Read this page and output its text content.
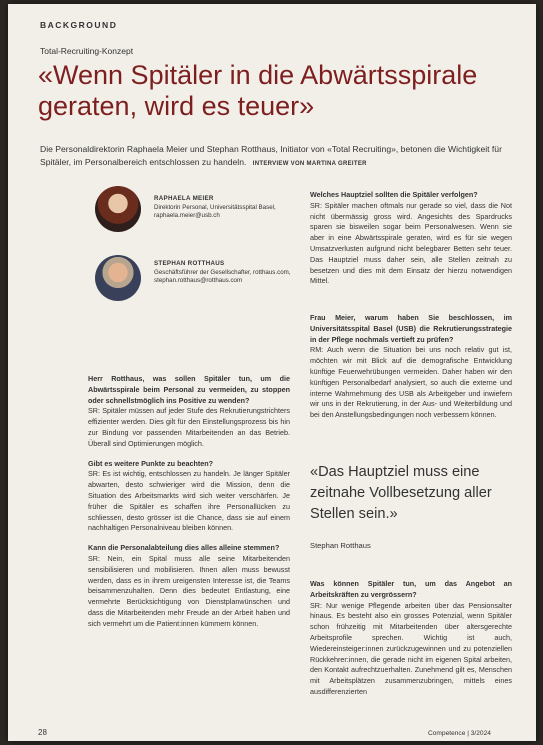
BACKGROUND
Total-Recruiting-Konzept
«Wenn Spitäler in die Abwärtsspirale geraten, wird es teuer»
Die Personaldirektorin Raphaela Meier und Stephan Rotthaus, Initiator von «Total Recruiting», betonen die Wichtigkeit für Spitäler, im Personalbereich entschlossen zu handeln. INTERVIEW VON MARTINA GREITER
RAPHAELA MEIER
Direktorin Personal, Universitätsspital Basel, raphaela.meier@usb.ch
STEPHAN ROTTHAUS
Geschäftsführer der Gesellschafter, rotthaus.com,
stephan.rotthaus@rotthaus.com

Herr Rotthaus, was sollen Spitäler tun, um die Abwärtsspirale beim Personal zu vermeiden, zu stoppen oder schnellstmöglich ins Positive zu wenden?
SR: Spitäler müssen auf jeder Stufe des Rekrutierungstrichters effizienter werden. Dies gilt für den Einstellungsprozess bis hin zur Bindung vor passenden Mitarbeitenden an das Betrieb. Überall sind Optimierungen möglich.

Gibt es weitere Punkte zu beachten?
SR: Es ist wichtig, entschlossen zu handeln. Je länger Spitäler abwarten, desto schwieriger wird die Mission, denn die Situation des Arbeitsmarkts wird sich weiter verschärfen. Je früher die Spitäler es schaffen ihre Personallücken zu schliessen, desto grösser ist die Chance, dass sie auf einem nachhaltigen Personalniveau bleiben können.

Kann die Personalabteilung dies alles alleine stemmen?
SR: Nein, ein Spital muss alle seine Mitarbeitenden sensibilisieren und mobilisieren. Ihnen allen muss bewusst werden, dass es in ihrem ureigensten Interesse ist, die Teams beisammenzuhalten. Denn dies bedeutet Entlastung, eine vermehrte Berücksichtigung von Dienstplanwünschen und dass die Mitarbeitenden mehr Freude an der Arbeit haben und sich vermehrt um die Patient:innen kümmern können.

Welches Hauptziel sollten die Spitäler verfolgen?
SR: Spitäler machen oftmals nur gerade so viel, dass die Not nicht übermässig gross wird. Angesichts des Spardrucks sparen sie bisweilen sogar beim Personalwesen. Wenn sie aber in eine Abwärtsspirale geraten, wird es für sie wegen Umsatzverlusten aufgrund nicht belegbarer Betten sehr teuer. Das Hauptziel muss daher sein, alle Stellen zeitnah zu besetzen und dies mit dem Einsatz der hierzu notwendigen Mittel.

Frau Meier, warum haben Sie beschlossen, im Universitätsspital Basel (USB) die Rekrutierungsstrategie in der Pflege nochmals vertieft zu prüfen?
RM: Auch wenn die Situation bei uns noch relativ gut ist, möchten wir mit Blick auf die demografische Entwicklung künftige Feuerwehrübungen vermeiden. Daher haben wir den künftigen Personalbedarf analysiert, so auch die externe und interne Wahrnehmung des USB als Arbeitgeber und inwiefern wir uns in der Rekrutierung, in der Aus- und Weiterbildung und bei den Anstellungsbedingungen noch verbessern können.

«Das Hauptziel muss eine zeitnahe Vollbesetzung aller Stellen sein.»
Stephan Rotthaus

Was können Spitäler tun, um das Angebot an Arbeitskräften zu vergrössern?
SR: Nur wenige Pflegende arbeiten über das Pensionsalter hinaus. Es besteht also ein grosses Potenzial, wenn Spitäler schon frühzeitig mit Mitarbeitenden über altersgerechte Arbeitsprofile sprechen. Wichtig ist auch, Wiedereinsteiger:innen zurückzugewinnen und zu potenziellen Rückkehrer:innen, die gerade nicht im eigenen Spital arbeiten, den Kontakt aufrechtzuerhalten. Zunehmend gilt es, Menschen mit Arbeitsplätzen zusammenzubringen, mittels eines ausdifferenzierten

28	Competence | 3/2024
